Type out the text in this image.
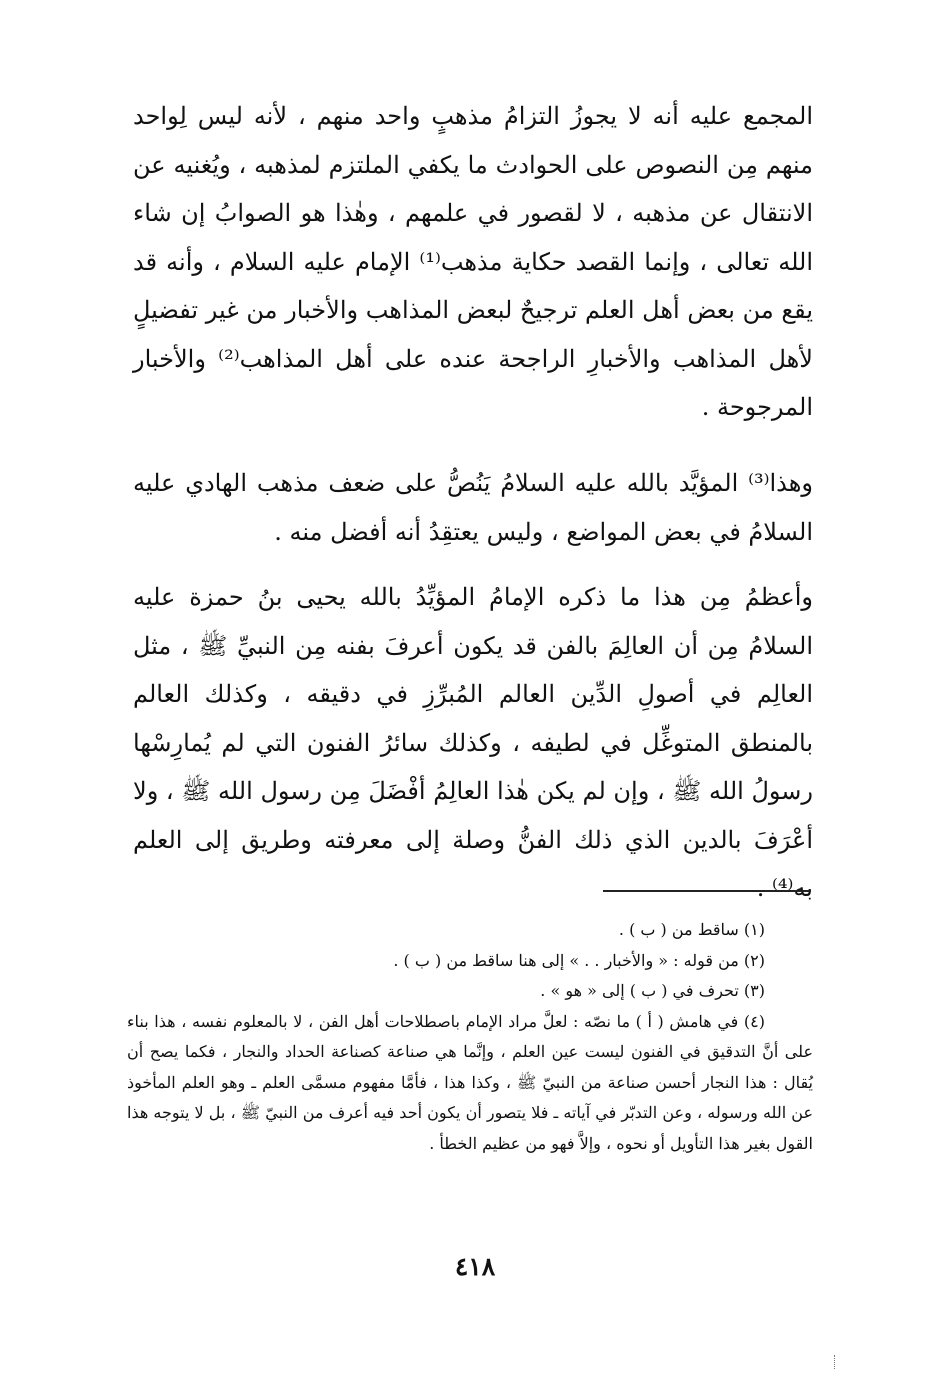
المجمع عليه أنه لا يجوزُ التزامُ مذهبٍ واحد منهم ، لأنه ليس لِواحد منهم مِن النصوص على الحوادث ما يكفي الملتزم لمذهبه ، ويُغنيه عن الانتقال عن مذهبه ، لا لقصور في علمهم ، وهٰذا هو الصوابُ إن شاء الله تعالى ، وإنما القصد حكاية مذهب⁽¹⁾ الإمام عليه السلام ، وأنه قد يقع من بعض أهل العلم ترجيحٌ لبعض المذاهب والأخبار من غير تفضيلٍ لأهل المذاهب والأخبارِ الراجحة عنده على أهل المذاهب⁽²⁾ والأخبار المرجوحة .

وهذا⁽³⁾ المؤيَّد بالله عليه السلامُ يَنُصُّ على ضعف مذهب الهادي عليه السلامُ في بعض المواضع ، وليس يعتقِدُ أنه أفضل منه .

وأعظمُ مِن هذا ما ذكره الإمامُ المؤيِّدُ بالله يحيى بنُ حمزة عليه السلامُ مِن أن العالِمَ بالفن قد يكون أعرفَ بفنه مِن النبيِّ ﷺ ، مثل العالِم في أصولِ الدِّين العالم المُبرِّزِ في دقيقه ، وكذلك العالم بالمنطق المتوغِّل في لطيفه ، وكذلك سائرُ الفنون التي لم يُمارِسْها رسولُ الله ﷺ ، وإن لم يكن هٰذا العالِمُ أفْضَلَ مِن رسول الله ﷺ ، ولا أعْرَفَ بالدين الذي ذلك الفنُّ وصلة إلى معرفته وطريق إلى العلم به⁽⁴⁾ .

(١) ساقط من ( ب ) .

(٢) من قوله : « والأخبار . . » إلى هنا ساقط من ( ب ) .

(٣) تحرف في ( ب ) إلى « هو » .

(٤) في هامش ( أ ) ما نصّه : لعلَّ مراد الإمام باصطلاحات أهل الفن ، لا بالمعلوم نفسه ، هذا بناء على أنَّ التدقيق في الفنون ليست عين العلم ، وإنَّما هي صناعة كصناعة الحداد والنجار ، فكما يصح أن يُقال : هذا النجار أحسن صناعة من النبيّ ﷺ ، وكذا هذا ، فأمَّا مفهوم مسمَّى العلم ـ وهو العلم المأخوذ عن الله ورسوله ، وعن التدبّر في آياته ـ فلا يتصور أن يكون أحد فيه أعرف من النبيّ ﷺ ، بل لا يتوجه هذا القول بغير هذا التأويل أو نحوه ، وإلاَّ فهو من عظيم الخطأ .

٤١٨
